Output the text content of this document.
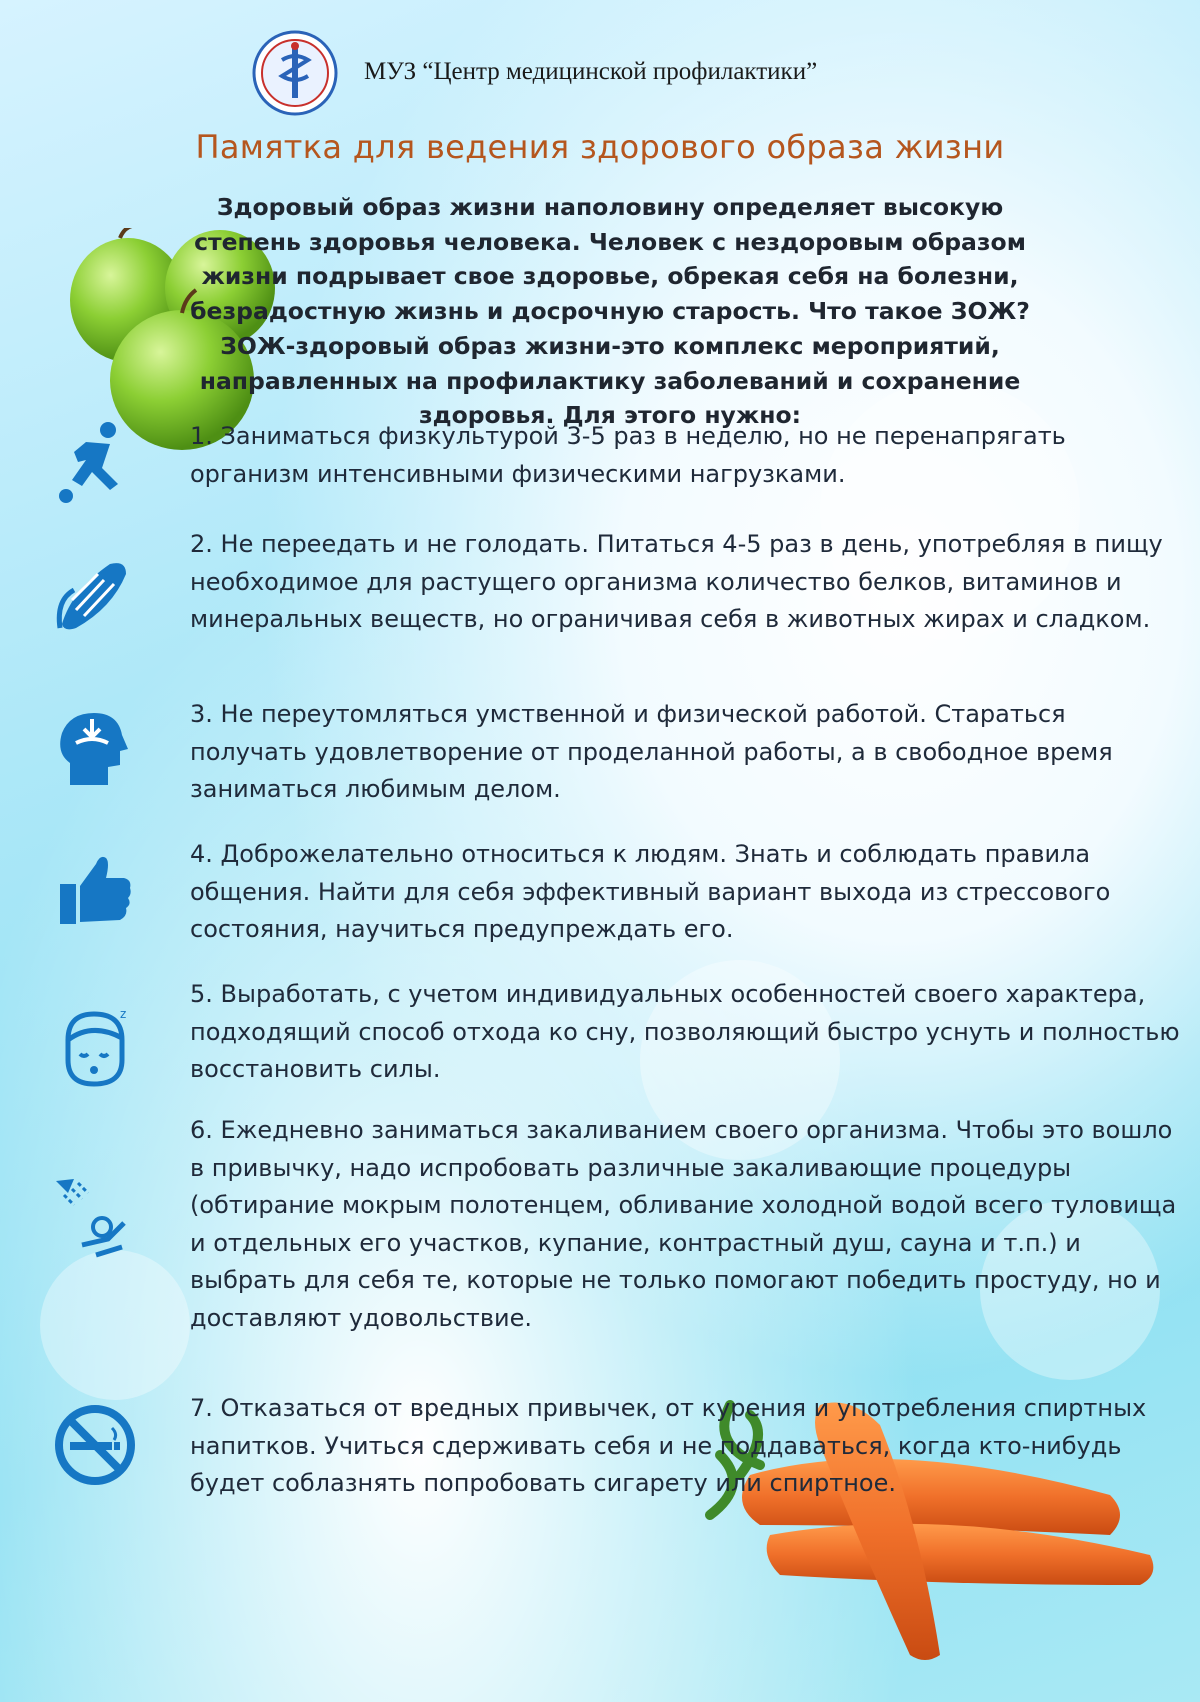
МУЗ “Центр медицинской профилактики”
Памятка для ведения здорового образа жизни
Здоровый образ жизни наполовину определяет высокую степень здоровья человека. Человек с нездоровым образом жизни подрывает свое здоровье, обрекая себя на болезни, безрадостную жизнь и досрочную старость. Что такое ЗОЖ? ЗОЖ-здоровый образ жизни-это комплекс мероприятий, направленных на профилактику заболеваний и сохранение здоровья. Для этого нужно:
z
1. Заниматься физкультурой 3-5 раз в неделю, но не перенапрягать организм интенсивными физическими нагрузками.
2. Не переедать и не голодать. Питаться 4-5 раз в день, употребляя в пищу необходимое для растущего организма количество белков, витаминов и минеральных веществ, но ограничивая себя в животных жирах и сладком.
3. Не переутомляться умственной и физической работой. Стараться получать удовлетворение от проделанной работы, а в свободное время заниматься любимым делом.
4. Доброжелательно относиться к людям. Знать и соблюдать правила общения. Найти для себя эффективный вариант выхода из стрессового состояния, научиться предупреждать его.
5. Выработать, с учетом индивидуальных особенностей своего характера, подходящий способ отхода ко сну, позволяющий быстро уснуть и полностью восстановить силы.
6. Ежедневно заниматься закаливанием своего организма. Чтобы это вошло в привычку, надо испробовать различные закаливающие процедуры (обтирание мокрым полотенцем, обливание холодной водой всего туловища и отдельных его участков, купание, контрастный душ, сауна и т.п.) и выбрать для себя те, которые не только помогают победить простуду, но и доставляют удовольствие.
7. Отказаться от вредных привычек, от курения и употребления спиртных напитков. Учиться сдерживать себя и не поддаваться, когда кто-нибудь будет соблазнять попробовать сигарету или спиртное.
